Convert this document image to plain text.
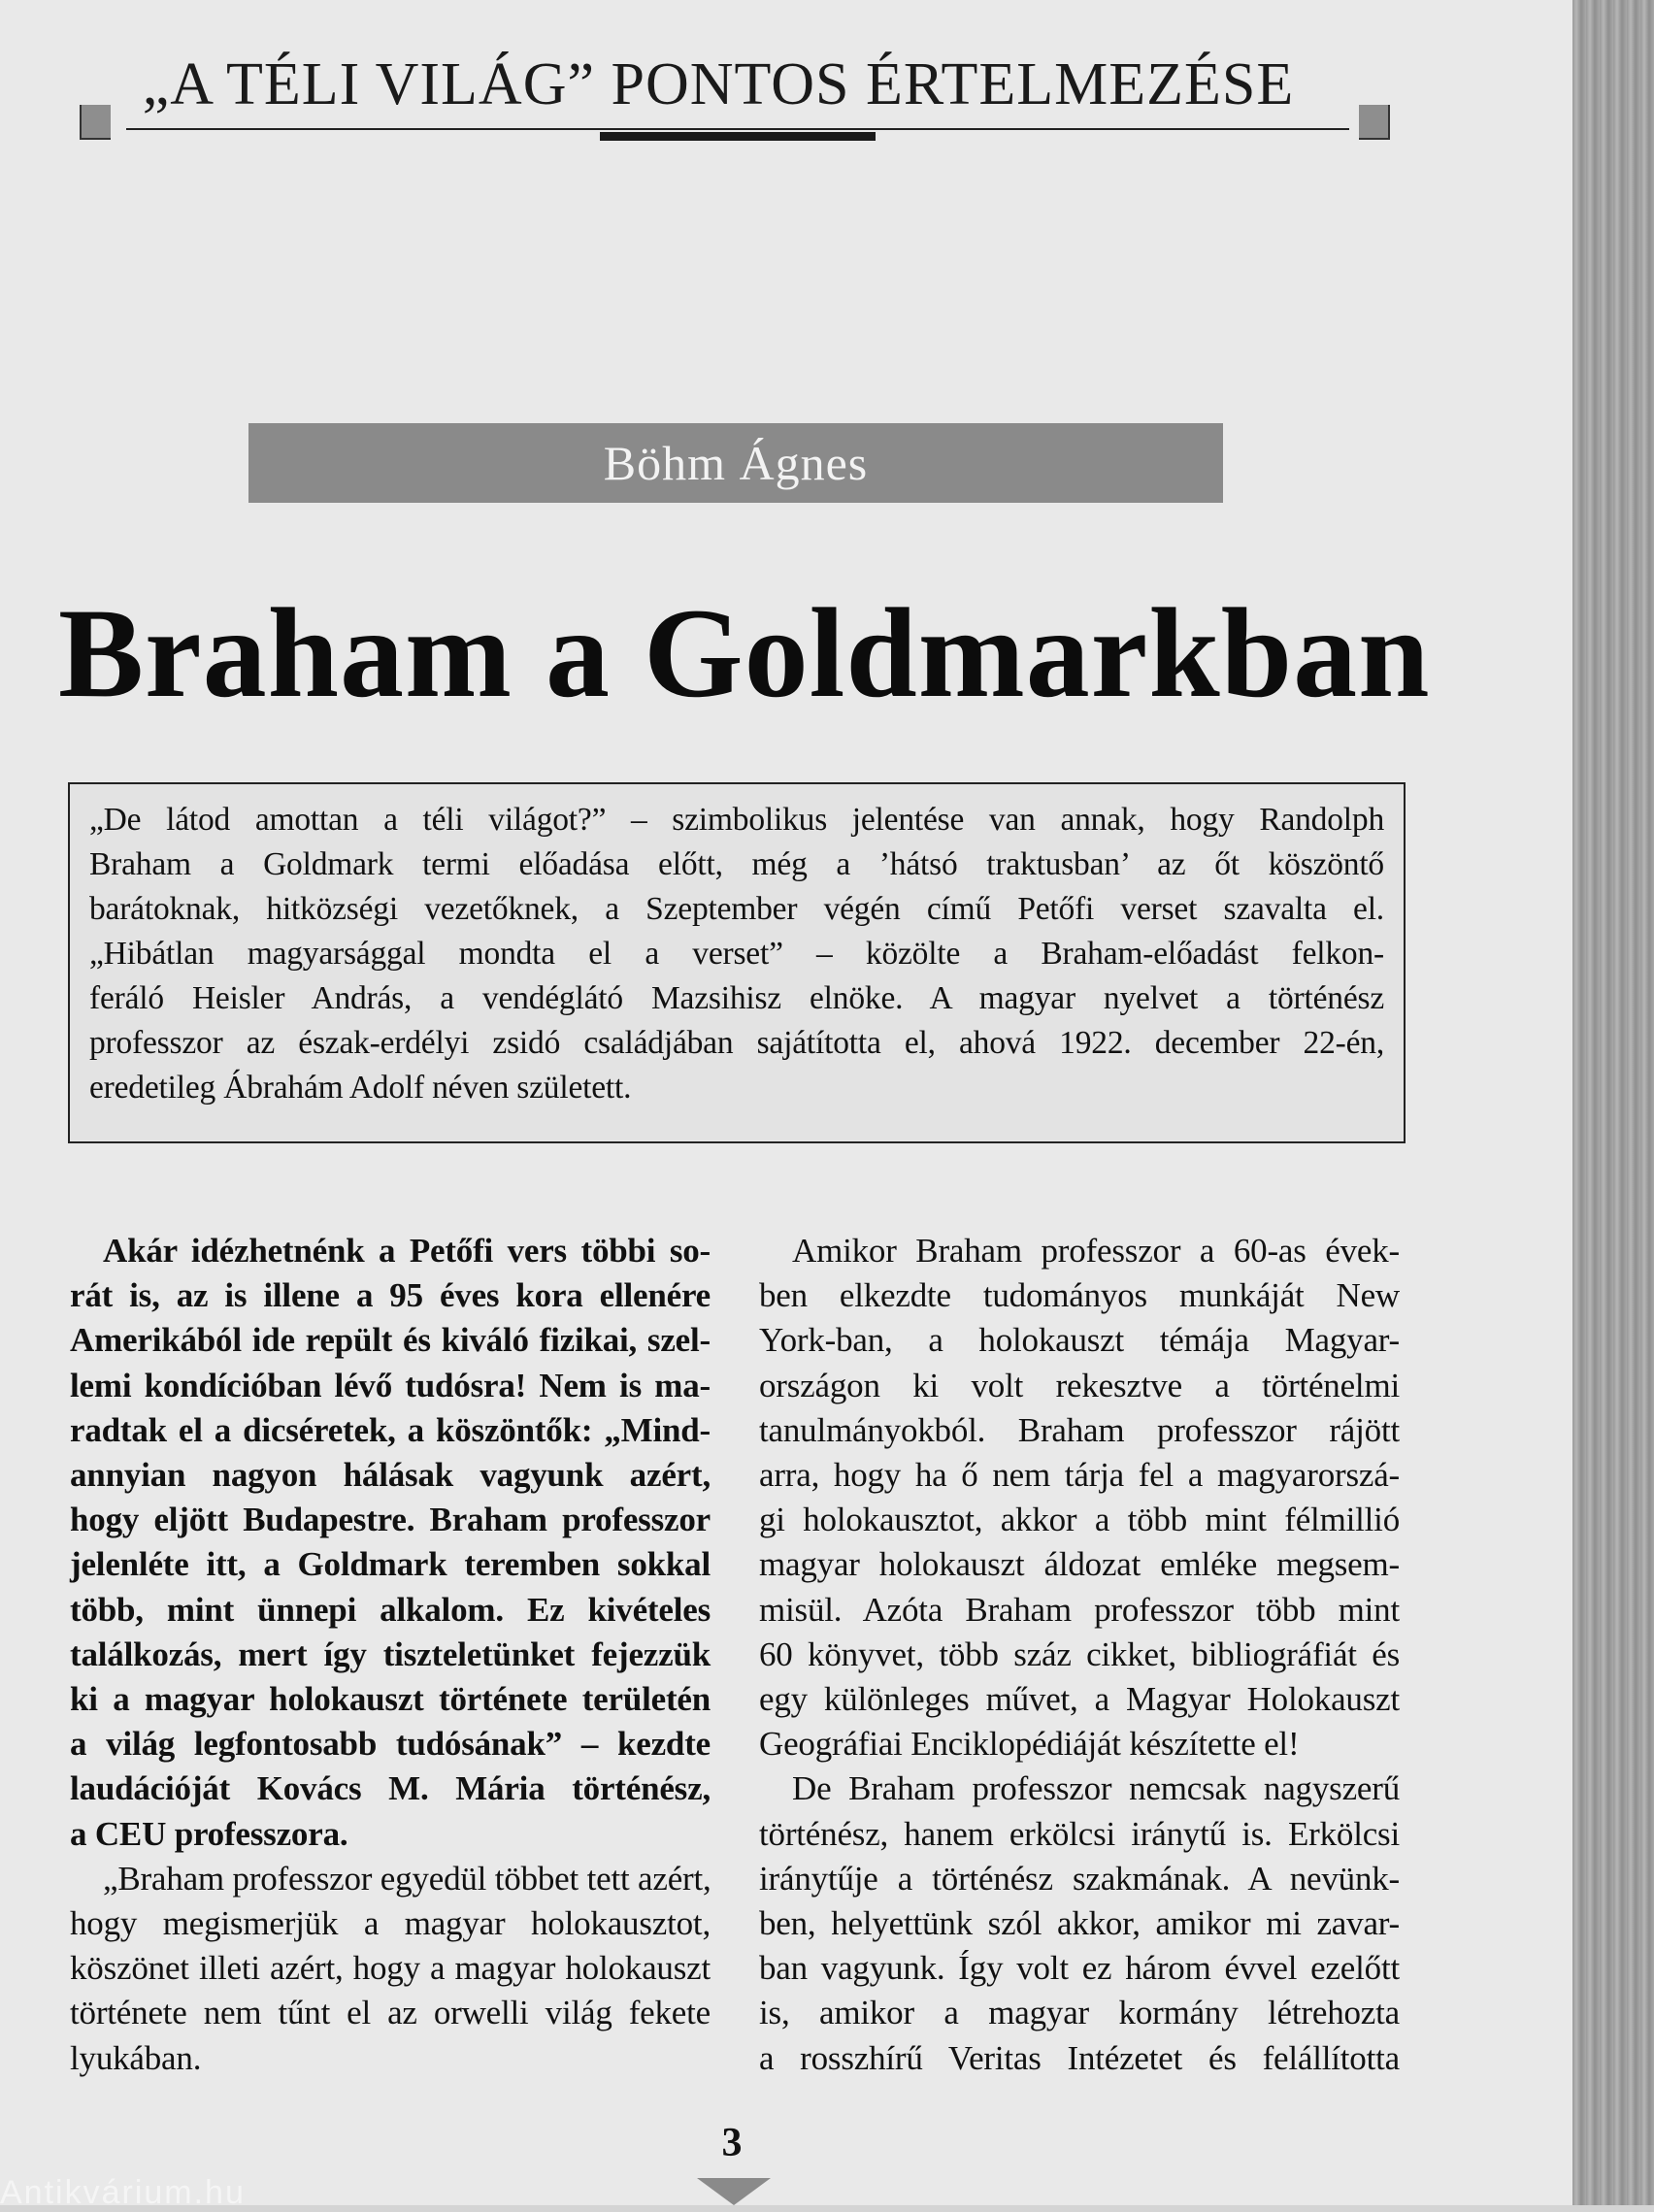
„A TÉLI VILÁG” PONTOS ÉRTELMEZÉSE
Böhm Ágnes
Braham a Goldmarkban
„De látod amottan a téli világot?” – szimbolikus jelentése van annak, hogy Randolph
Braham a Goldmark termi előadása előtt, még a ’hátsó traktusban’ az őt köszöntő
barátoknak, hitközségi vezetőknek, a Szeptember végén című Petőfi verset szavalta el.
„Hibátlan magyarsággal mondta el a verset” – közölte a Braham-előadást felkon-
feráló Heisler András, a vendéglátó Mazsihisz elnöke. A magyar nyelvet a történész
professzor az észak-erdélyi zsidó családjában sajátította el, ahová 1922. december 22-én,
eredetileg Ábrahám Adolf néven született.
Akár idézhetnénk a Petőfi vers többi so-
rát is, az is illene a 95 éves kora ellenére
Amerikából ide repült és kiváló fizikai, szel-
lemi kondícióban lévő tudósra! Nem is ma-
radtak el a dicséretek, a köszöntők: „Mind-
annyian nagyon hálásak vagyunk azért,
hogy eljött Budapestre. Braham professzor
jelenléte itt, a Goldmark teremben sokkal
több, mint ünnepi alkalom. Ez kivételes
találkozás, mert így tiszteletünket fejezzük
ki a magyar holokauszt története területén
a világ legfontosabb tudósának” – kezdte
laudációját Kovács M. Mária történész,
a CEU professzora.
„Braham professzor egyedül többet tett azért,
hogy megismerjük a magyar holokausztot,
köszönet illeti azért, hogy a magyar holokauszt
története nem tűnt el az orwelli világ fekete
lyukában.
Amikor Braham professzor a 60-as évek-
ben elkezdte tudományos munkáját New
York-ban, a holokauszt témája Magyar-
országon ki volt rekesztve a történelmi
tanulmányokból. Braham professzor rájött
arra, hogy ha ő nem tárja fel a magyarorszá-
gi holokausztot, akkor a több mint félmillió
magyar holokauszt áldozat emléke megsem-
misül. Azóta Braham professzor több mint
60 könyvet, több száz cikket, bibliográfiát és
egy különleges művet, a Magyar Holokauszt
Geográfiai Enciklopédiáját készítette el!
De Braham professzor nemcsak nagyszerű
történész, hanem erkölcsi iránytű is. Erkölcsi
iránytűje a történész szakmának. A nevünk-
ben, helyettünk szól akkor, amikor mi zavar-
ban vagyunk. Így volt ez három évvel ezelőtt
is, amikor a magyar kormány létrehozta
a rosszhírű Veritas Intézetet és felállította
3
Antikvárium.hu
